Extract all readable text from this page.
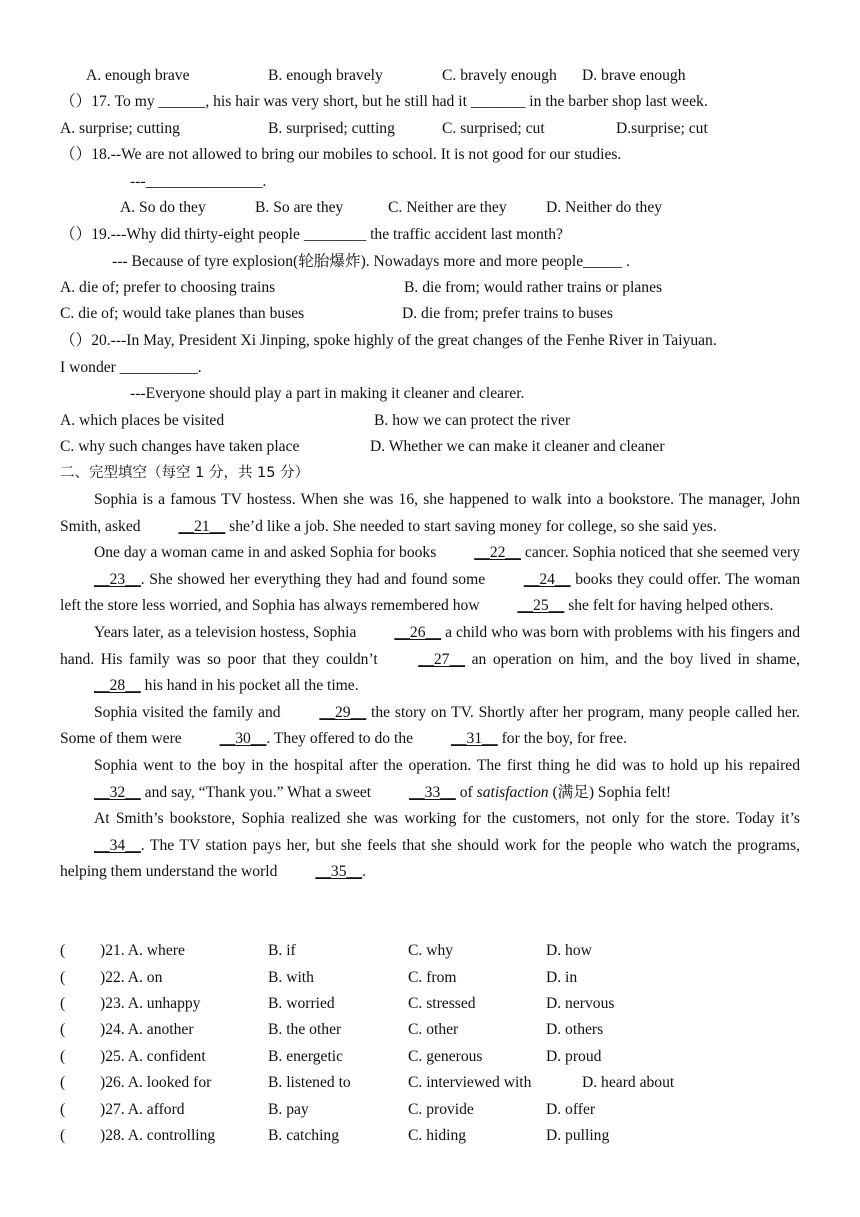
A. enough brave	B. enough bravely	C. bravely enough D. brave enough
（）17. To my ______, his hair was very short, but he still had it _______ in the barber shop last week.
A. surprise; cutting	B. surprised; cutting	C. surprised; cut	D.surprise; cut
（）18.--We are not allowed to bring our mobiles to school. It is not good for our studies.
---_______________.
A. So do they	B. So are they	C. Neither are they	D. Neither do they
（）19.---Why did thirty-eight people ________ the traffic accident last month?
--- Because of tyre explosion(轮胎爆炸). Nowadays more and more people_____ .
A. die of; prefer to choosing trains	B. die from; would rather trains or planes
C. die of; would take planes than buses	D. die from; prefer trains to buses
（）20.---In May, President Xi Jinping, spoke highly of the great changes of the Fenhe River in Taiyuan.
I wonder __________.
---Everyone should play a part in making it cleaner and clearer.
A. which places be visited	B. how we can protect the river
C. why such changes have taken place	D. Whether we can make it cleaner and cleaner
二、完型填空（每空 1 分，共 15 分）

Sophia is a famous TV hostess. When she was 16, she happened to walk into a bookstore. The manager, John Smith, asked __21__ she’d like a job. She needed to start saving money for college, so she said yes.

One day a woman came in and asked Sophia for books __22__ cancer. Sophia noticed that she seemed very __23__. She showed her everything they had and found some __24__ books they could offer. The woman left the store less worried, and Sophia has always remembered how __25__ she felt for having helped others.

Years later, as a television hostess, Sophia __26__ a child who was born with problems with his fingers and hand. His family was so poor that they couldn’t __27__ an operation on him, and the boy lived in shame, __28__ his hand in his pocket all the time.

Sophia visited the family and __29__ the story on TV. Shortly after her program, many people called her. Some of them were __30__. They offered to do the __31__ for the boy, for free.

Sophia went to the boy in the hospital after the operation. The first thing he did was to hold up his repaired __32__ and say, “Thank you.” What a sweet __33__ of satisfaction (满足) Sophia felt!

At Smith’s bookstore, Sophia realized she was working for the customers, not only for the store. Today it’s __34__. The TV station pays her, but she feels that she should work for the people who watch the programs, helping them understand the world __35__.

( )21. A. where	B. if	C. why	D. how
( )22. A. on	B. with	C. from	D. in
( )23. A. unhappy	B. worried	C. stressed	D. nervous
( )24. A. another	B. the other	C. other	D. others
( )25. A. confident	B. energetic	C. generous	D. proud
( )26. A. looked for	B. listened to	C. interviewed with	D. heard about
( )27. A. afford	B. pay	C. provide	D. offer
( )28. A. controlling	B. catching	C. hiding	D. pulling
